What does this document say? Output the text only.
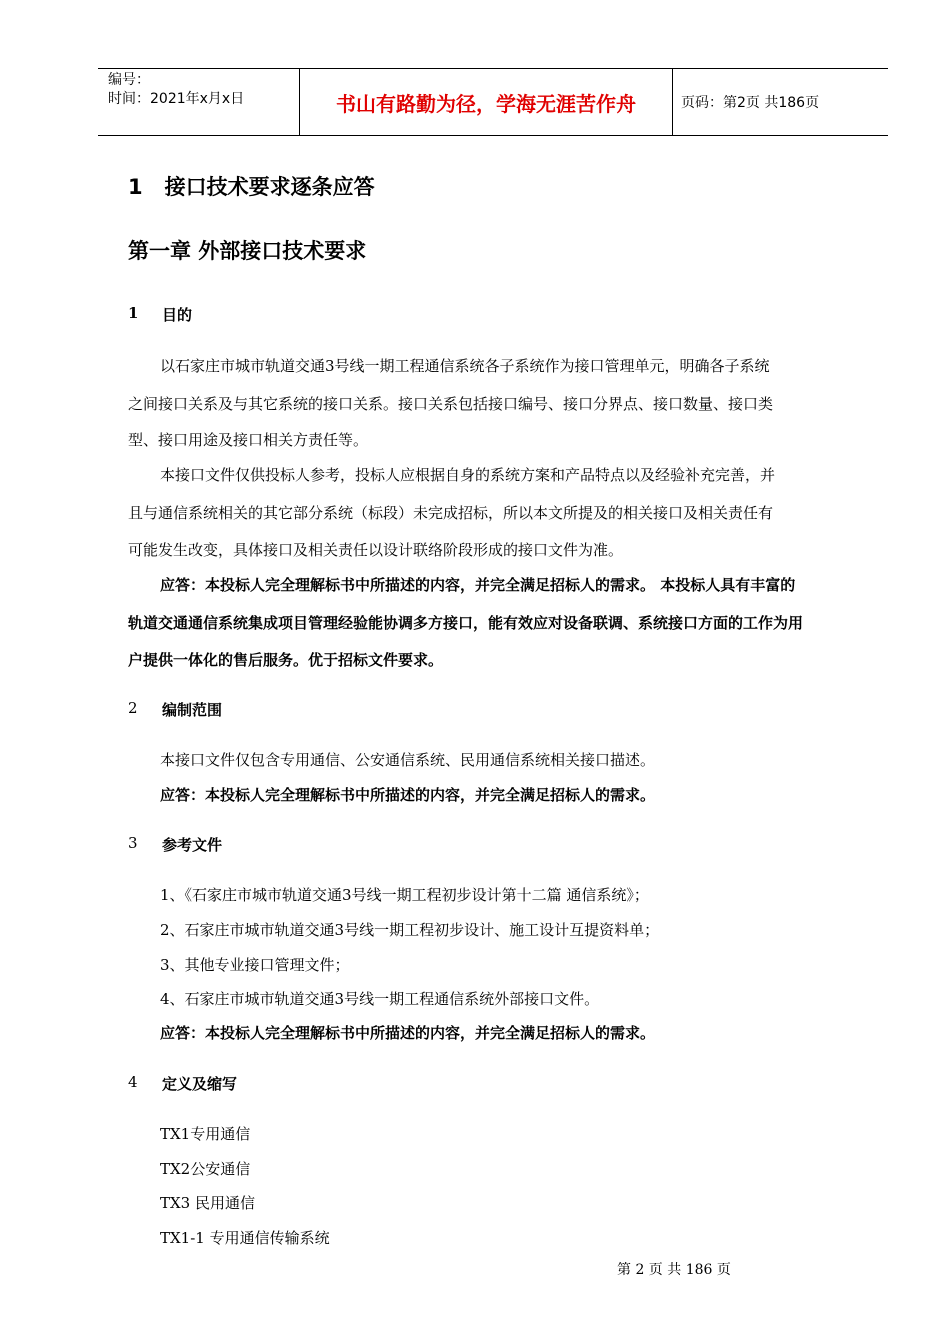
编号：
时间：2021年x月x日	书山有路勤为径，学海无涯苦作舟	页码：第2页 共186页
1 接口技术要求逐条应答
第一章 外部接口技术要求
1 目的
以石家庄市城市轨道交通3号线一期工程通信系统各子系统作为接口管理单元，明确各子系统
之间接口关系及与其它系统的接口关系。接口关系包括接口编号、接口分界点、接口数量、接口类
型、接口用途及接口相关方责任等。
本接口文件仅供投标人参考，投标人应根据自身的系统方案和产品特点以及经验补充完善，并
且与通信系统相关的其它部分系统（标段）未完成招标，所以本文所提及的相关接口及相关责任有
可能发生改变，具体接口及相关责任以设计联络阶段形成的接口文件为准。
应答：本投标人完全理解标书中所描述的内容，并完全满足招标人的需求。 本投标人具有丰富的
轨道交通通信系统集成项目管理经验能协调多方接口，能有效应对设备联调、系统接口方面的工作为用
户提供一体化的售后服务。优于招标文件要求。
2 编制范围
本接口文件仅包含专用通信、公安通信系统、民用通信系统相关接口描述。
应答：本投标人完全理解标书中所描述的内容，并完全满足招标人的需求。
3 参考文件
1、《石家庄市城市轨道交通3号线一期工程初步设计第十二篇 通信系统》；
2、石家庄市城市轨道交通3号线一期工程初步设计、施工设计互提资料单；
3、其他专业接口管理文件；
4、石家庄市城市轨道交通3号线一期工程通信系统外部接口文件。
应答：本投标人完全理解标书中所描述的内容，并完全满足招标人的需求。
4 定义及缩写
TX1专用通信
TX2公安通信
TX3 民用通信
TX1-1 专用通信传输系统
第 2 页 共 186 页
